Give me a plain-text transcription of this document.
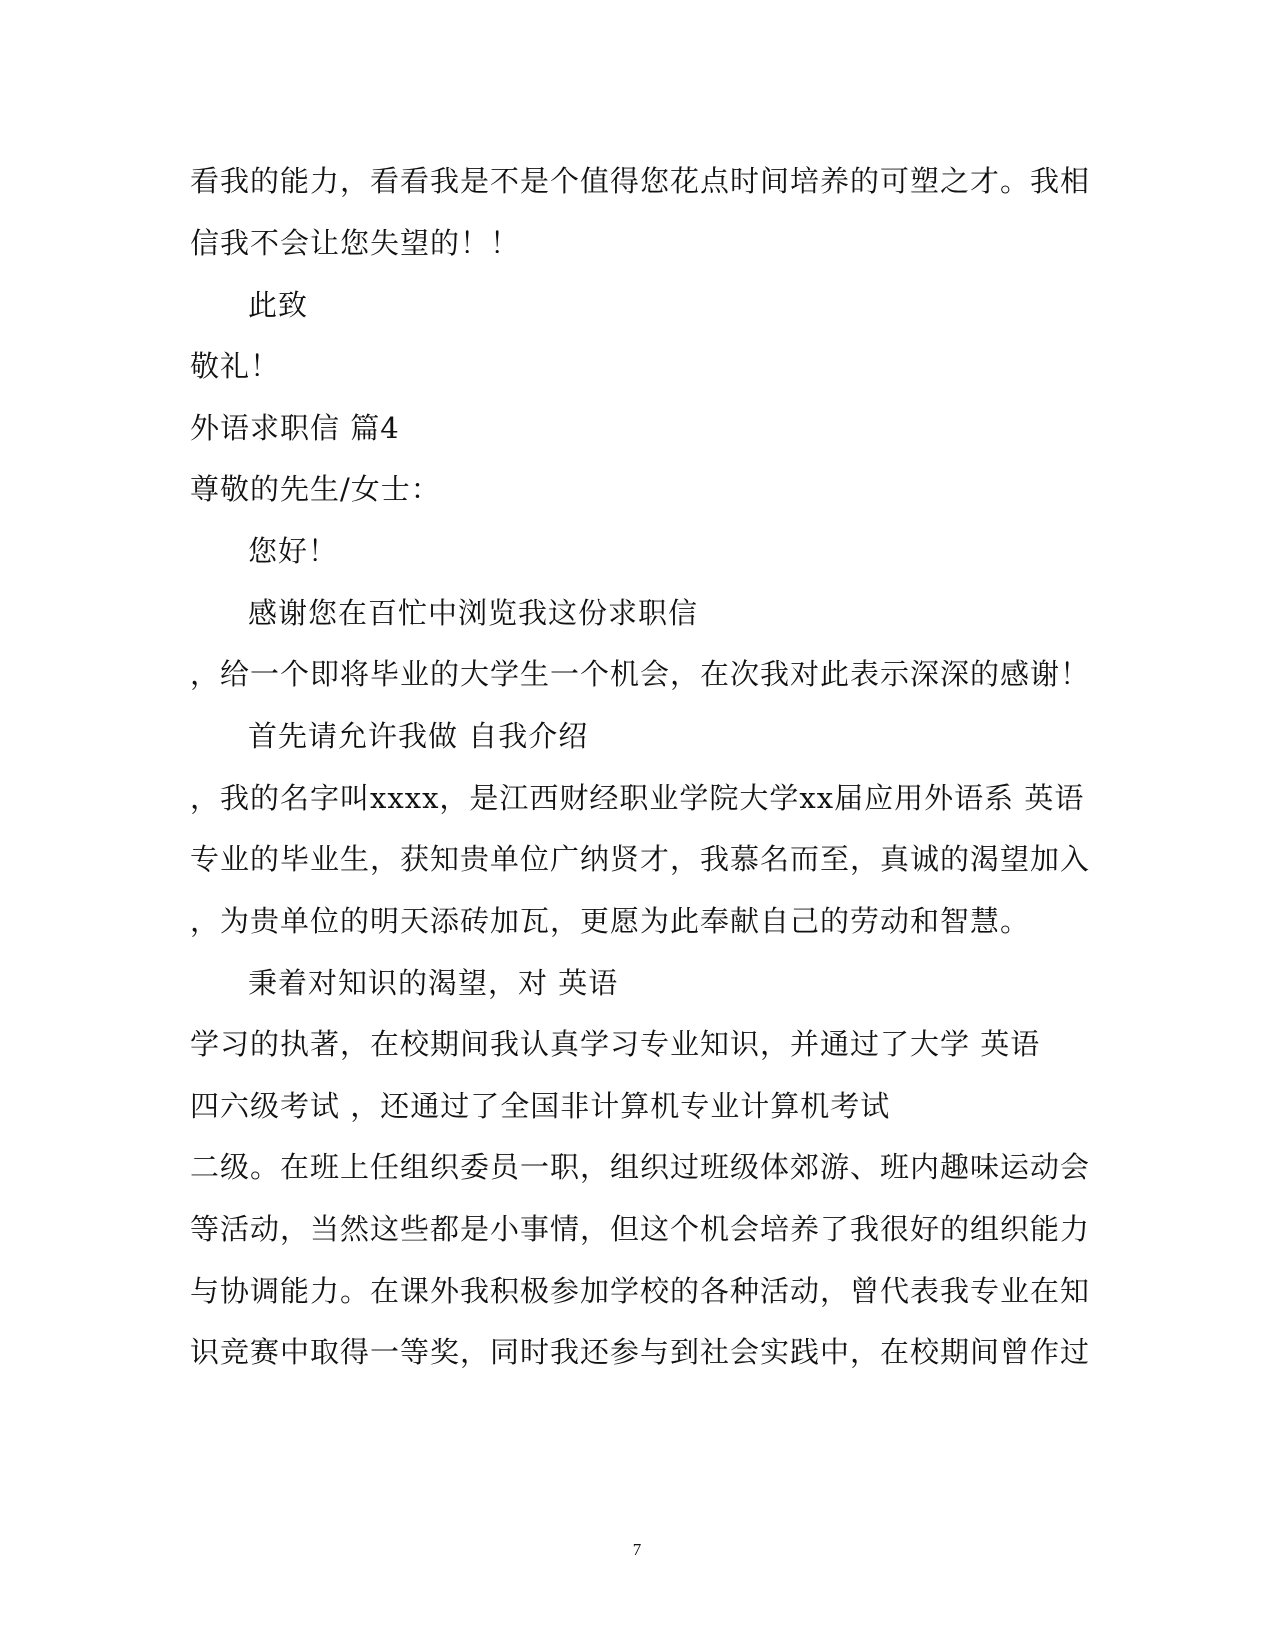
看我的能力，看看我是不是个值得您花点时间培养的可塑之才。我相
信我不会让您失望的！！
此致
敬礼！
外语求职信 篇4
尊敬的先生/女士：
您好！
感谢您在百忙中浏览我这份求职信
，给一个即将毕业的大学生一个机会，在次我对此表示深深的感谢！
首先请允许我做 自我介绍
，我的名字叫xxxx，是江西财经职业学院大学xx届应用外语系 英语
专业的毕业生，获知贵单位广纳贤才，我慕名而至，真诚的渴望加入
，为贵单位的明天添砖加瓦，更愿为此奉献自己的劳动和智慧。
秉着对知识的渴望，对 英语
学习的执著，在校期间我认真学习专业知识，并通过了大学 英语
四六级考试 ，还通过了全国非计算机专业计算机考试
二级。在班上任组织委员一职，组织过班级体郊游、班内趣味运动会
等活动，当然这些都是小事情，但这个机会培养了我很好的组织能力
与协调能力。在课外我积极参加学校的各种活动，曾代表我专业在知
识竞赛中取得一等奖，同时我还参与到社会实践中，在校期间曾作过
7
